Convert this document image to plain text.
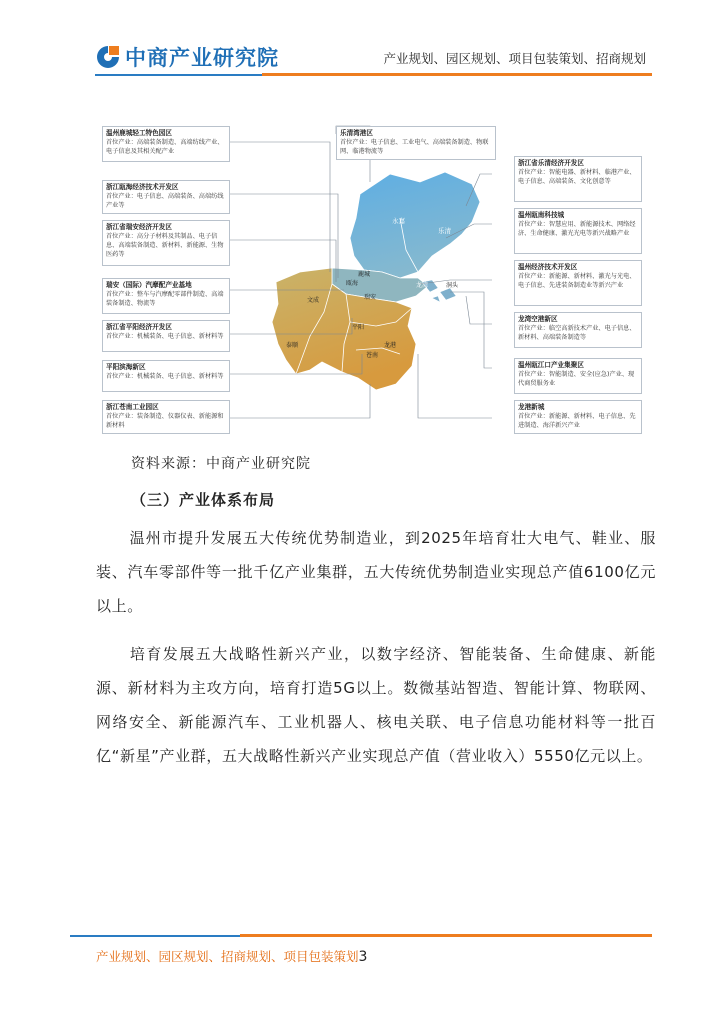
中商产业研究院	产业规划、园区规划、项目包装策划、招商规划
永嘉
乐清
鹿城
瓯海	龙湾	洞头
文成	瑞安
泰顺
平阳
龙港
苍南
温州鹿城轻工特色园区
首位产业：高端装备制造、高端纺线产业、电子信息及其相关配产业
浙江瓯海经济技术开发区
首位产业：电子信息、高端装备、高端纺线产业等
浙江省瑞安经济开发区
首位产业：高分子材料及其制品、电子信息、高端装备制造、新材料、新能源、生物医药等
瑞安（国际）汽摩配产业基地
首位产业：整车与汽摩配零部件制造、高端装备制造、物流等
浙江省平阳经济开发区
首位产业：机械装备、电子信息、新材料等
平阳滨海新区
首位产业：机械装备、电子信息、新材料等
浙江苍南工业园区
首位产业：装备制造、仪器仪表、新能源和新材料
乐清湾港区
首位产业：电子信息、工业电气、高端装备制造、物联网、临港物流等
浙江省乐清经济开发区
首位产业：智能电器、新材料、临港产业、电子信息、高端装备、文化创意等
温州瓯南科技城
首位产业：智慧应用、新能源技术、网络经济、生命健康、激光光电等新兴战略产业
温州经济技术开发区
首位产业：新能源、新材料、激光与光电、电子信息、先进装备制造业等新兴产业
龙湾空港新区
首位产业：临空高新技术产业、电子信息、新材料、高端装备制造等
温州瓯江口产业集聚区
首位产业：智能制造、安全(应急)产业、现代商贸服务业
龙港新城
首位产业：新能源、新材料、电子信息、先进制造、海洋新兴产业
资料来源：中商产业研究院
（三）产业体系布局
温州市提升发展五大传统优势制造业，到2025年培育壮大电气、鞋业、服装、汽车零部件等一批千亿产业集群，五大传统优势制造业实现总产值6100亿元以上。
培育发展五大战略性新兴产业，以数字经济、智能装备、生命健康、新能源、新材料为主攻方向，培育打造5G以上。数微基站智造、智能计算、物联网、网络安全、新能源汽车、工业机器人、核电关联、电子信息功能材料等一批百亿“新星”产业群，五大战略性新兴产业实现总产值（营业收入）5550亿元以上。
产业规划、园区规划、招商规划、项目包装策划3
